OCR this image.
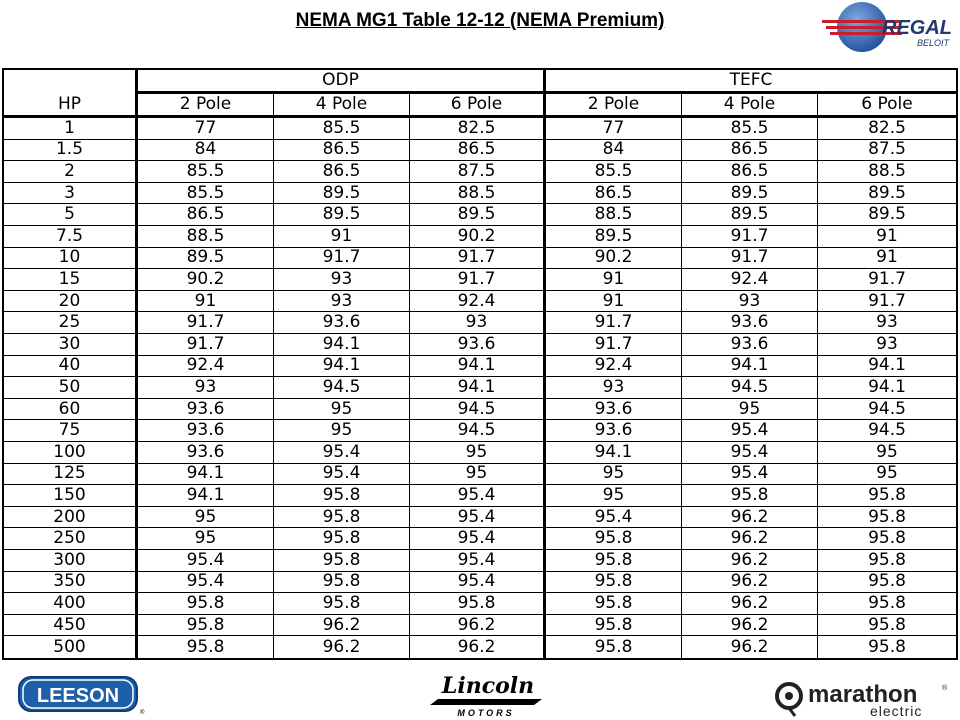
NEMA MG1 Table 12-12 (NEMA Premium)	REGAL
BELOIT
HP
ODP	TEFC
2 Pole	4 Pole	6 Pole	2 Pole	4 Pole	6 Pole
1	77	85.5	82.5	77	85.5	82.5
1.5	84	86.5	86.5	84	86.5	87.5
2	85.5	86.5	87.5	85.5	86.5	88.5
3	85.5	89.5	88.5	86.5	89.5	89.5
5	86.5	89.5	89.5	88.5	89.5	89.5
7.5	88.5	91	90.2	89.5	91.7	91
10	89.5	91.7	91.7	90.2	91.7	91
15	90.2	93	91.7	91	92.4	91.7
20	91	93	92.4	91	93	91.7
25	91.7	93.6	93	91.7	93.6	93
30	91.7	94.1	93.6	91.7	93.6	93
40	92.4	94.1	94.1	92.4	94.1	94.1
50	93	94.5	94.1	93	94.5	94.1
60	93.6	95	94.5	93.6	95	94.5
75	93.6	95	94.5	93.6	95.4	94.5
100	93.6	95.4	95	94.1	95.4	95
125	94.1	95.4	95	95	95.4	95
150	94.1	95.8	95.4	95	95.8	95.8
200	95	95.8	95.4	95.4	96.2	95.8
250	95	95.8	95.4	95.8	96.2	95.8
300	95.4	95.8	95.4	95.8	96.2	95.8
350	95.4	95.8	95.4	95.8	96.2	95.8
400	95.8	95.8	95.8	95.8	96.2	95.8
450	95.8	96.2	96.2	95.8	96.2	95.8
500	95.8	96.2	96.2	95.8	96.2	95.8
LEESON
®
Lincoln
MOTORS
marathon	®
electric
